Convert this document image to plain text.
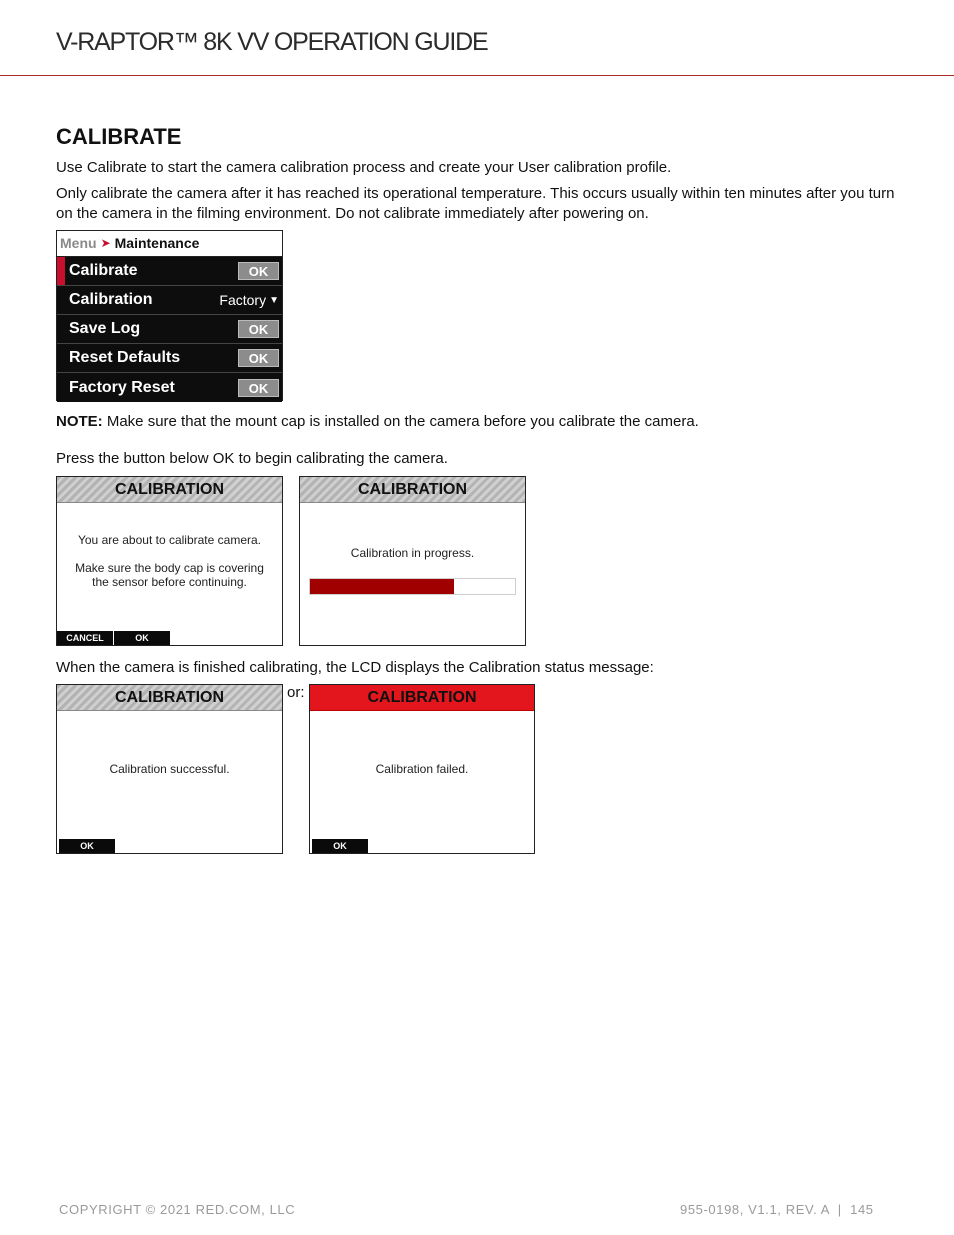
V-RAPTOR™ 8K VV OPERATION GUIDE
CALIBRATE

Use Calibrate to start the camera calibration process and create your User calibration profile.

Only calibrate the camera after it has reached its operational temperature. This occurs usually within ten minutes after you turn on the camera in the filming environment. Do not calibrate immediately after powering on.

Menu ➤ Maintenance
Calibrate	OK
Calibration	Factory ▼
Save Log	OK
Reset Defaults	OK
Factory Reset	OK

NOTE: Make sure that the mount cap is installed on the camera before you calibrate the camera.

Press the button below OK to begin calibrating the camera.

CALIBRATION
You are about to calibrate camera.
Make sure the body cap is covering
the sensor before continuing.
CANCEL	OK
CALIBRATION
Calibration in progress.

When the camera is finished calibrating, the LCD displays the Calibration status message:

CALIBRATION
Calibration successful.
OK
or:	CALIBRATION
Calibration failed.
OK
COPYRIGHT © 2021 RED.COM, LLC	955-0198, V1.1, REV. A  |  145
